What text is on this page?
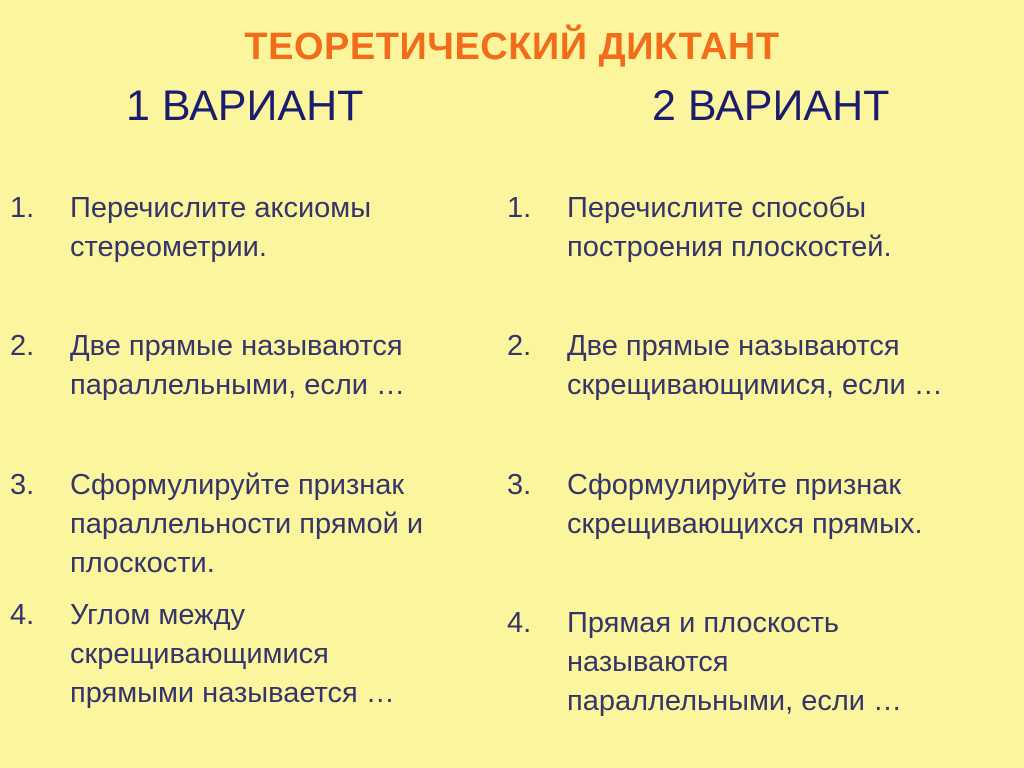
ТЕОРЕТИЧЕСКИЙ ДИКТАНТ
1 ВАРИАНТ	2 ВАРИАНТ
1.	Перечислите аксиомы
стереометрии.
2.	Две прямые называются
параллельными, если …
3.	Сформулируйте признак
параллельности прямой и
плоскости.
4.	Углом между
скрещивающимися
прямыми называется …
1.	Перечислите способы
построения плоскостей.
2.	Две прямые называются
скрещивающимися, если …
3.	Сформулируйте признак
скрещивающихся прямых.
4.	Прямая и плоскость
называются
параллельными, если …
